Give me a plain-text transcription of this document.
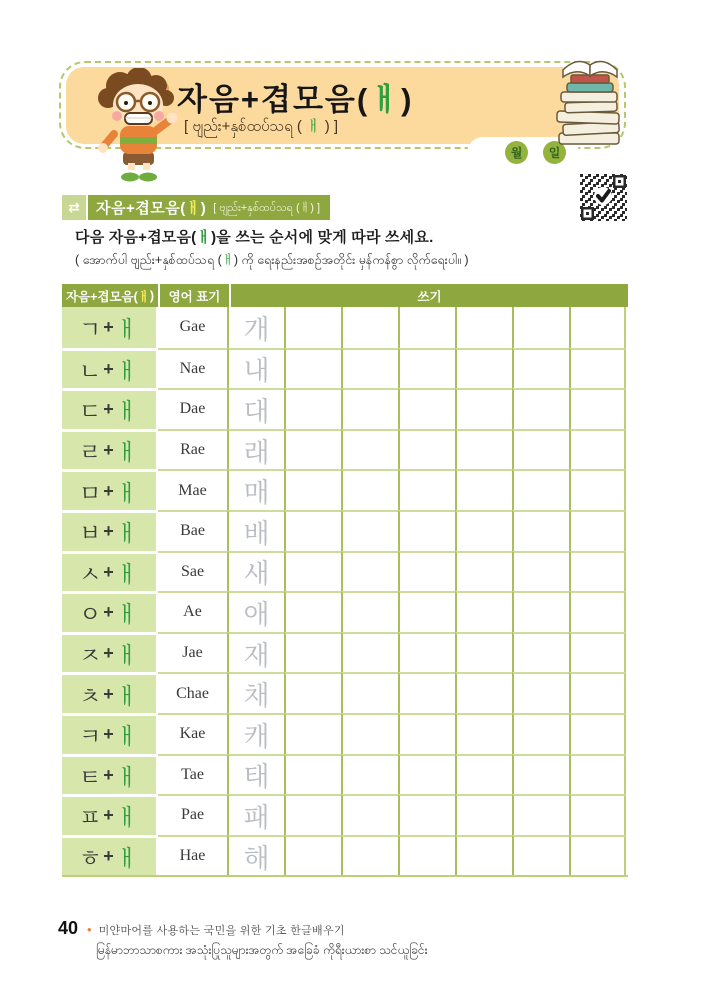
월	일
자음+겹모음(ㅐ)
[ ဗျည်း+နှစ်ထပ်သရ ( ㅐ ) ]
⇄	자음+겹모음(ㅐ) [ ဗျည်း+နှစ်ထပ်သရ (ㅐ) ]
다음 자음+겹모음(ㅐ)을 쓰는 순서에 맞게 따라 쓰세요.
( အောက်ပါ ဗျည်း+နှစ်ထပ်သရ (ㅐ) ကို ရေးနည်းအစဉ်အတိုင်း မှန်ကန်စွာ လိုက်ရေးပါ။ )
자음+겹모음( ㅐ )	영어 표기	쓰기
ㄱ + ㅐ	Gae	개
ㄴ + ㅐ	Nae	내
ㄷ + ㅐ	Dae	대
ㄹ + ㅐ	Rae	래
ㅁ + ㅐ	Mae	매
ㅂ + ㅐ	Bae	배
ㅅ + ㅐ	Sae	새
ㅇ + ㅐ	Ae	애
ㅈ + ㅐ	Jae	재
ㅊ + ㅐ	Chae	채
ㅋ + ㅐ	Kae	캐
ㅌ + ㅐ	Tae	태
ㅍ + ㅐ	Pae	패
ㅎ + ㅐ	Hae	해
40 • 미얀마어를 사용하는 국민을 위한 기초 한글배우기
မြန်မာဘာသာစကား အသုံးပြုသူများအတွက် အခြေခံ ကိုရီးယားစာ သင်ယူခြင်း
